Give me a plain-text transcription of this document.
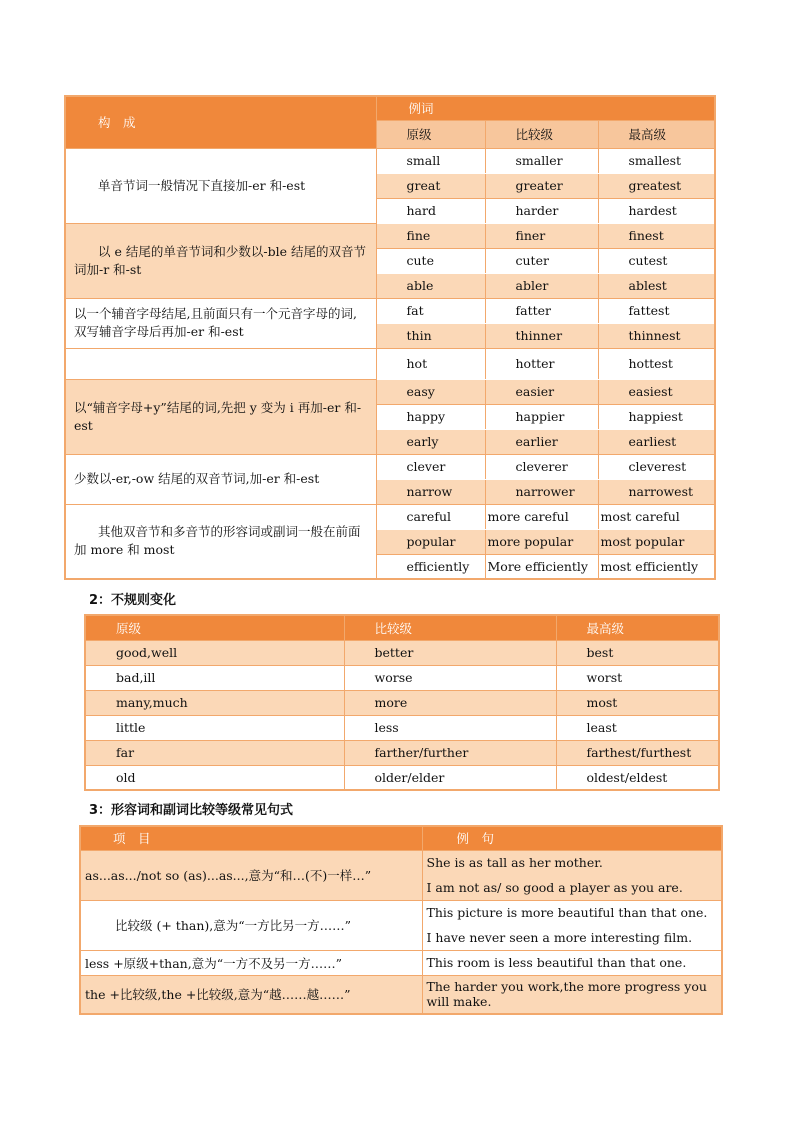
构　成	例词		
	原级	比较级	最高级
单音节词一般情况下直接加-er 和-est	small	smaller	smallest
	great	greater	greatest
	hard	harder	hardest
以 e 结尾的单音节词和少数以-ble 结尾的双音节词加-r 和-st	fine	finer	finest
	cute	cuter	cutest
	able	abler	ablest
以一个辅音字母结尾,且前面只有一个元音字母的词,双写辅音字母后再加-er 和-est	fat	fatter	fattest
	thin	thinner	thinnest
	hot	hotter	hottest
以“辅音字母+y”结尾的词,先把 y 变为 i 再加-er 和-est	easy	easier	easiest
	happy	happier	happiest
	early	earlier	earliest
少数以-er,-ow 结尾的双音节词,加-er 和-est	clever	cleverer	cleverest
	narrow	narrower	narrowest
其他双音节和多音节的形容词或副词一般在前面加 more 和 most	careful	more careful	most careful
	popular	more popular	most popular
	efficiently	More efficiently	most efficiently
2：不规则变化
原级	比较级	最高级
good,well	better	best
bad,ill	worse	worst
many,much	more	most
little	less	least
far	farther/further	farthest/furthest
old	older/elder	oldest/eldest
3：形容词和副词比较等级常见句式
项　目	例　句
as...as.../not so (as)...as...,意为“和…(不)一样…”	She is as tall as her mother.
	I am not as/ so good a player as you are.
比较级 (+ than),意为“一方比另一方……”	This picture is more beautiful than that one.
	I have never seen a more interesting film.
less +原级+than,意为“一方不及另一方……”	This room is less beautiful than that one.
the +比较级,the +比较级,意为“越……越……”	The harder you work,the more progress you will make.
